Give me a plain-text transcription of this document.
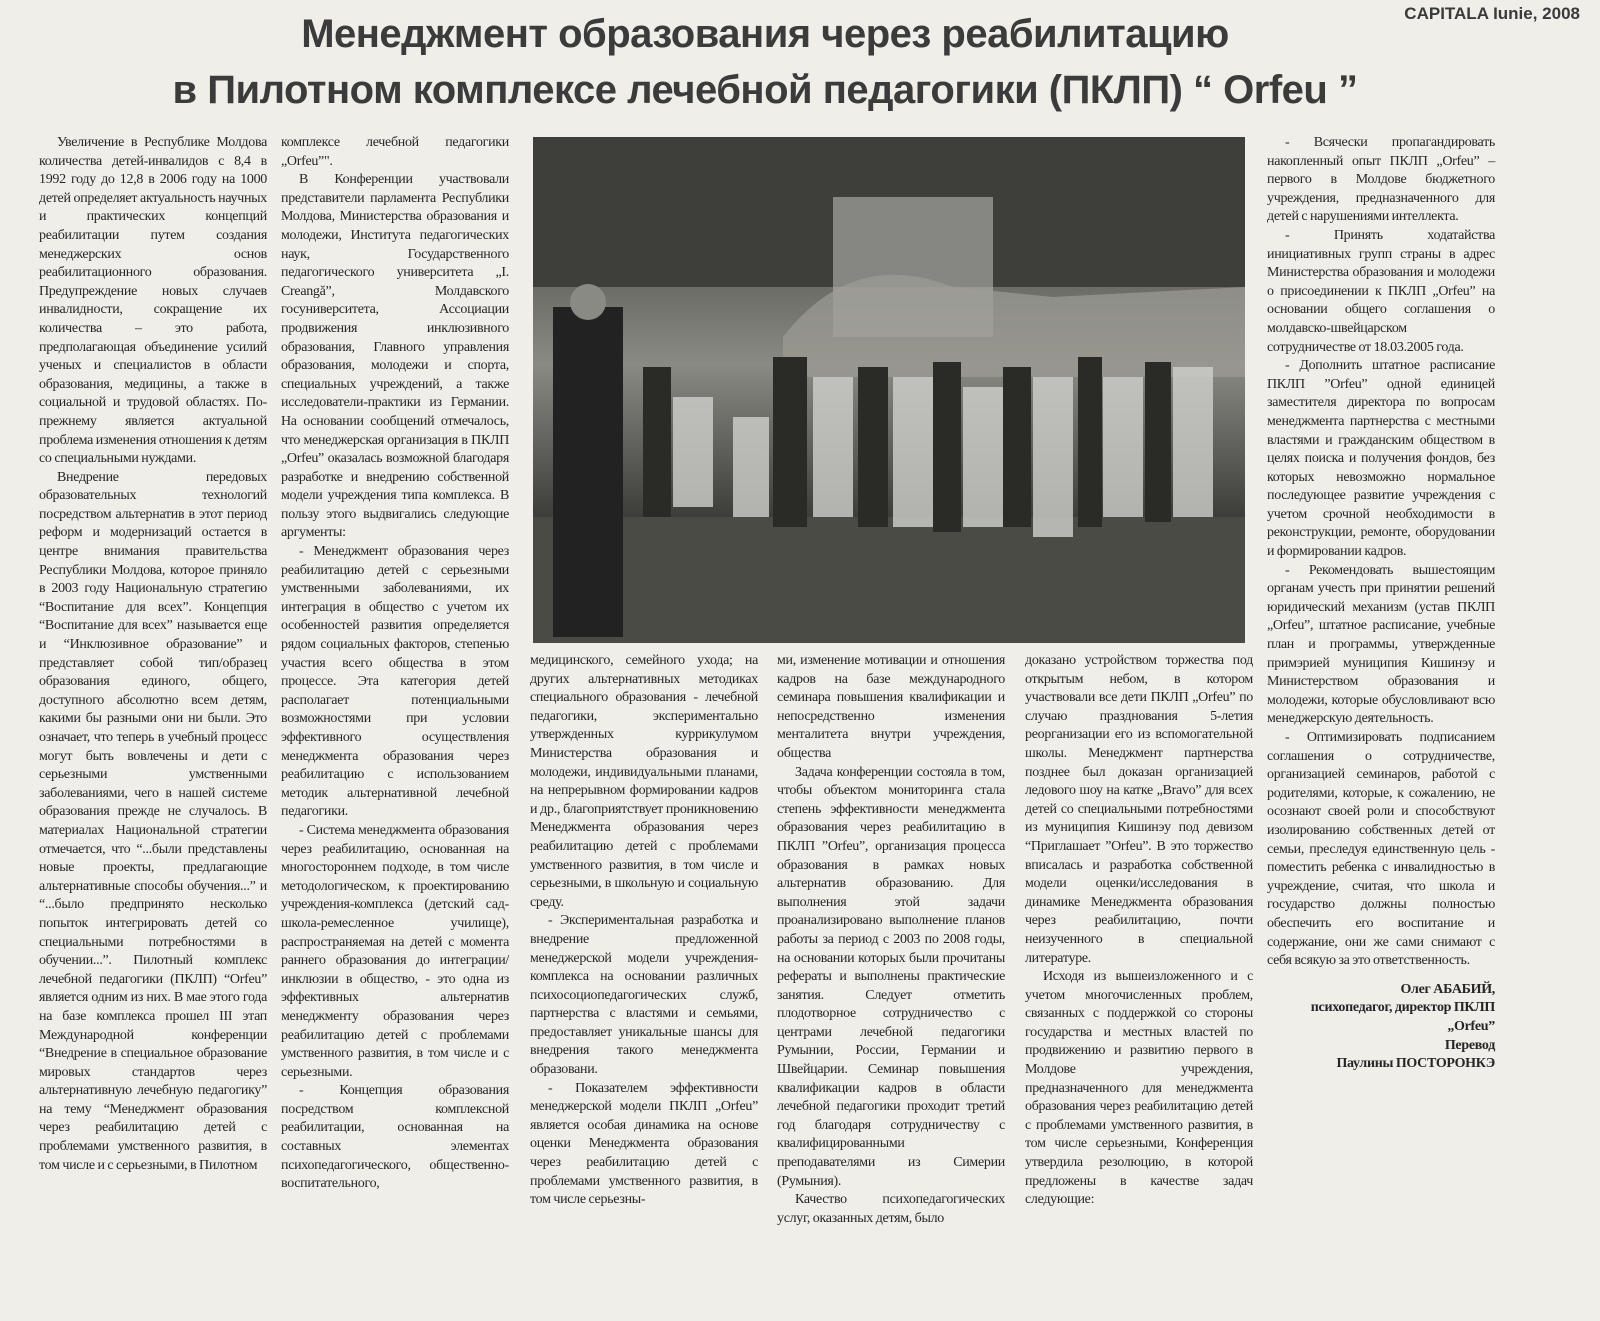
CAPITALA Iunie, 2008
Менеджмент образования через реабилитацию
в Пилотном комплексе лечебной педагогики (ПКЛП) “ Orfeu ”

Увеличение в Республике Молдова количества детей-инвалидов с 8,4 в 1992 году до 12,8 в 2006 году на 1000 детей определяет актуальность научных и практических концепций реабилитации путем создания менеджерских основ реабилитационного образования. Предупреждение новых случаев инвалидности, сокращение их количества – это работа, предполагающая объединение усилий ученых и специалистов в области образования, медицины, а также в социальной и трудовой областях. По-прежнему является актуальной проблема изменения отношения к детям со специальными нуждами.

Внедрение передовых образовательных технологий посредством альтернатив в этот период реформ и модернизаций остается в центре внимания правительства Республики Молдова, которое приняло в 2003 году Национальную стратегию “Воспитание для всех”. Концепция “Воспитание для всех” называется еще и “Инклюзивное образование” и представляет собой тип/образец образования единого, общего, доступного абсолютно всем детям, какими бы разными они ни были. Это означает, что теперь в учебный процесс могут быть вовлечены и дети с серьезными умственными заболеваниями, чего в нашей системе образования прежде не случалось. В материалах Национальной стратегии отмечается, что “...были представлены новые проекты, предлагающие альтернативные способы обучения...” и “...было предпринято несколько попыток интегрировать детей со специальными потребностями в обучении...”. Пилотный комплекс лечебной педагогики (ПКЛП) “Orfeu” является одним из них. В мае этого года на базе комплекса прошел III этап Международной конференции “Внедрение в специальное образование мировых стандартов через альтернативную лечебную педагогику” на тему “Менеджмент образования через реабилитацию детей с проблемами умственного развития, в том числе и с серьезными, в Пилотном

комплексе лечебной педагогики „Orfeu”".

В Конференции участвовали представители парламента Республики Молдова, Министерства образования и молодежи, Института педагогических наук, Государственного педагогического университета „I. Creangă”, Молдавского госуниверситета, Ассоциации продвижения инклюзивного образования, Главного управления образования, молодежи и спорта, специальных учреждений, а также исследователи-практики из Германии. На основании сообщений отмечалось, что менеджерская организация в ПКЛП „Orfeu” оказалась возможной благодаря разработке и внедрению собственной модели учреждения типа комплекса. В пользу этого выдвигались следующие аргументы:

- Менеджмент образования через реабилитацию детей с серьезными умственными заболеваниями, их интеграция в общество с учетом их особенностей развития определяется рядом социальных факторов, степенью участия всего общества в этом процессе. Эта категория детей располагает потенциальными возможностями при условии эффективного осуществления менеджмента образования через реабилитацию с использованием методик альтернативной лечебной педагогики.

- Система менеджмента образования через реабилитацию, основанная на многостороннем подходе, в том числе методологическом, к проектированию учреждения-комплекса (детский сад-школа-ремесленное училище), распространяемая на детей с момента раннего образования до интеграции/инклюзии в общество, - это одна из эффективных альтернатив менеджменту образования через реабилитацию детей с проблемами умственного развития, в том числе и с серьезными.

- Концепция образования посредством комплексной реабилитации, основанная на составных элементах психопедагогического, общественно-воспитательного,

медицинского, семейного ухода; на других альтернативных методиках специального образования - лечебной педагогики, экспериментально утвержденных куррикулумом Министерства образования и молодежи, индивидуальными планами, на непрерывном формировании кадров и др., благоприятствует проникновению Менеджмента образования через реабилитацию детей с проблемами умственного развития, в том числе и серьезными, в школьную и социальную среду.

- Экспериментальная разработка и внедрение предложенной менеджерской модели учреждения-комплекса на основании различных психосоциопедагогических служб, партнерства с властями и семьями, предоставляет уникальные шансы для внедрения такого менеджмента образовани.

- Показателем эффективности менеджерской модели ПКЛП „Orfeu” является особая динамика на основе оценки Менеджмента образования через реабилитацию детей с проблемами умственного развития, в том числе серьезны-

ми, изменение мотивации и отношения кадров на базе международного семинара повышения квалификации и непосредственно изменения менталитета внутри учреждения, общества

Задача конференции состояла в том, чтобы объектом мониторинга стала степень эффективности менеджмента образования через реабилитацию в ПКЛП ”Orfeu”, организация процесса образования в рамках новых альтернатив образованию. Для выполнения этой задачи проанализировано выполнение планов работы за период с 2003 по 2008 годы, на основании которых были прочитаны рефераты и выполнены практические занятия. Следует отметить плодотворное сотрудничество с центрами лечебной педагогики Румынии, России, Германии и Швейцарии. Семинар повышения квалификации кадров в области лечебной педагогики проходит третий год благодаря сотрудничеству с квалифицированными преподавателями из Симерии (Румыния).

Качество психопедагогических услуг, оказанных детям, было

доказано устройством торжества под открытым небом, в котором участвовали все дети ПКЛП „Orfeu” по случаю празднования 5-летия реорганизации его из вспомогательной школы. Менеджмент партнерства позднее был доказан организацией ледового шоу на катке „Bravo” для всех детей со специальными потребностями из муниципия Кишинэу под девизом “Приглашает ”Orfeu”. В это торжество вписалась и разработка собственной модели оценки/исследования в динамике Менеджмента образования через реабилитацию, почти неизученного в специальной литературе.

Исходя из вышеизложенного и с учетом многочисленных проблем, связанных с поддержкой со стороны государства и местных властей по продвижению и развитию первого в Молдове учреждения, предназначенного для менеджмента образования через реабилитацию детей с проблемами умственного развития, в том числе серьезными, Конференция утвердила резолюцию, в которой предложены в качестве задач следующие:

- Всячески пропагандировать накопленный опыт ПКЛП „Orfeu” – первого в Молдове бюджетного учреждения, предназначенного для детей с нарушениями интеллекта.

- Принять ходатайства инициативных групп страны в адрес Министерства образования и молодежи о присоединении к ПКЛП „Orfeu” на основании общего соглашения о молдавско-швейцарском сотрудничестве от 18.03.2005 года.

- Дополнить штатное расписание ПКЛП ”Orfeu” одной единицей заместителя директора по вопросам менеджмента партнерства с местными властями и гражданским обществом в целях поиска и получения фондов, без которых невозможно нормальное последующее развитие учреждения с учетом срочной необходимости в реконструкции, ремонте, оборудовании и формировании кадров.

- Рекомендовать вышестоящим органам учесть при принятии решений юридический механизм (устав ПКЛП „Orfeu”, штатное расписание, учебные план и программы, утвержденные примэрией муниципия Кишинэу и Министерством образования и молодежи, которые обусловливают всю менеджерскую деятельность.

- Оптимизировать подписанием соглашения о сотрудничестве, организацией семинаров, работой с родителями, которые, к сожалению, не осознают своей роли и способствуют изолированию собственных детей от семьи, преследуя единственную цель - поместить ребенка с инвалидностью в учреждение, считая, что школа и государство должны полностью обеспечить его воспитание и содержание, они же сами снимают с себя всякую за это ответственность.

Олег АБАБИЙ,
психопедагог, директор ПКЛП „Orfeu”
Перевод
Паулины ПОСТОРОНКЭ
